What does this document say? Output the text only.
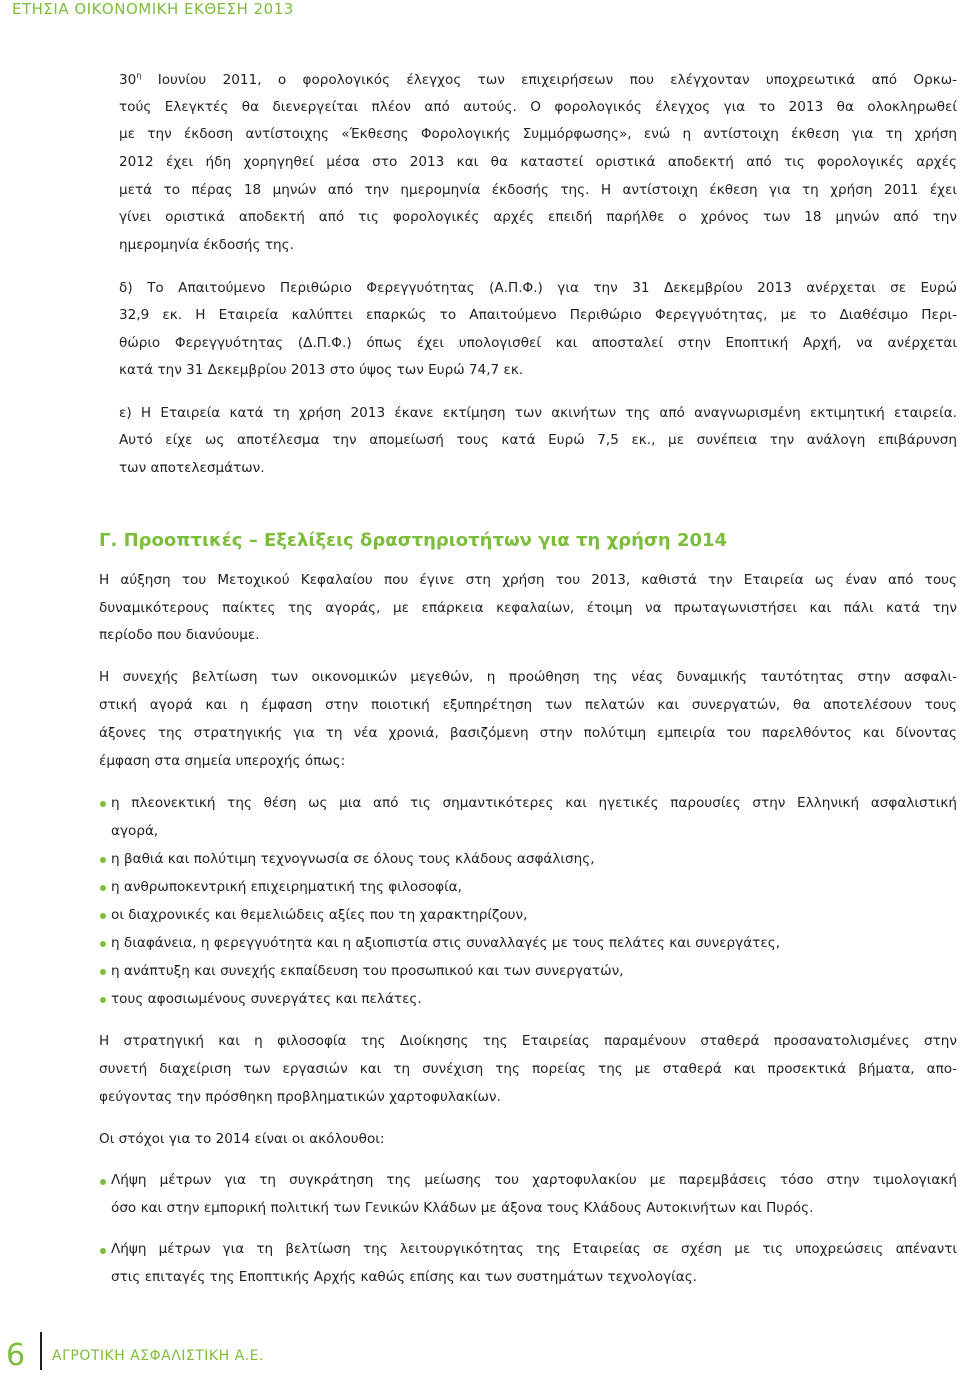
ΕΤΗΣΙΑ ΟΙΚΟΝΟΜΙΚΗ ΕΚΘΕΣΗ 2013
$30^\eta$ Ιουνίου 2011, ο φορολογικός έλεγχος των επιχειρήσεων που ελέγχονταν υποχρεωτικά από Ορκω-
τούς Ελεγκτές θα διενεργείται πλέον από αυτούς. Ο φορολογικός έλεγχος για το 2013 θα ολοκληρωθεί
με την έκδοση αντίστοιχης «Έκθεσης Φορολογικής Συμμόρφωσης», ενώ η αντίστοιχη έκθεση για τη χρήση
2012 έχει ήδη χορηγηθεί μέσα στο 2013 και θα καταστεί οριστικά αποδεκτή από τις φορολογικές αρχές
μετά το πέρας 18 μηνών από την ημερομηνία έκδοσής της. Η αντίστοιχη έκθεση για τη χρήση 2011 έχει
γίνει οριστικά αποδεκτή από τις φορολογικές αρχές επειδή παρήλθε ο χρόνος των 18 μηνών από την
ημερομηνία έκδοσής της.
δ) Το Απαιτούμενο Περιθώριο Φερεγγυότητας (Α.Π.Φ.) για την 31 Δεκεμβρίου 2013 ανέρχεται σε Ευρώ
32,9 εκ. Η Εταιρεία καλύπτει επαρκώς το Απαιτούμενο Περιθώριο Φερεγγυότητας, με το Διαθέσιμο Περι-
θώριο Φερεγγυότητας (Δ.Π.Φ.) όπως έχει υπολογισθεί και αποσταλεί στην Εποπτική Αρχή, να ανέρχεται
κατά την 31 Δεκεμβρίου 2013 στο ύψος των Ευρώ 74,7 εκ.
ε) Η Εταιρεία κατά τη χρήση 2013 έκανε εκτίμηση των ακινήτων της από αναγνωρισμένη εκτιμητική εταιρεία.
Αυτό είχε ως αποτέλεσμα την απομείωσή τους κατά Ευρώ 7,5 εκ., με συνέπεια την ανάλογη επιβάρυνση
των αποτελεσμάτων.
Γ. Προοπτικές – Εξελίξεις δραστηριοτήτων για τη χρήση 2014
Η αύξηση του Μετοχικού Κεφαλαίου που έγινε στη χρήση του 2013, καθιστά την Εταιρεία ως έναν από τους
δυναμικότερους παίκτες της αγοράς, με επάρκεια κεφαλαίων, έτοιμη να πρωταγωνιστήσει και πάλι κατά την
περίοδο που διανύουμε.
Η συνεχής βελτίωση των οικονομικών μεγεθών, η προώθηση της νέας δυναμικής ταυτότητας στην ασφαλι-
στική αγορά και η έμφαση στην ποιοτική εξυπηρέτηση των πελατών και συνεργατών, θα αποτελέσουν τους
άξονες της στρατηγικής για τη νέα χρονιά, βασιζόμενη στην πολύτιμη εμπειρία του παρελθόντος και δίνοντας
έμφαση στα σημεία υπεροχής όπως:
η πλεονεκτική της θέση ως μια από τις σημαντικότερες και ηγετικές παρουσίες στην Ελληνική ασφαλιστική
αγορά,
η βαθιά και πολύτιμη τεχνογνωσία σε όλους τους κλάδους ασφάλισης,
η ανθρωποκεντρική επιχειρηματική της φιλοσοφία,
οι διαχρονικές και θεμελιώδεις αξίες που τη χαρακτηρίζουν,
η διαφάνεια, η φερεγγυότητα και η αξιοπιστία στις συναλλαγές με τους πελάτες και συνεργάτες,
η ανάπτυξη και συνεχής εκπαίδευση του προσωπικού και των συνεργατών,
τους αφοσιωμένους συνεργάτες και πελάτες.
Η στρατηγική και η φιλοσοφία της Διοίκησης της Εταιρείας παραμένουν σταθερά προσανατολισμένες στην
συνετή διαχείριση των εργασιών και τη συνέχιση της πορείας της με σταθερά και προσεκτικά βήματα, απο-
φεύγοντας την πρόσθηκη προβληματικών χαρτοφυλακίων.
Οι στόχοι για το 2014 είναι οι ακόλουθοι:
Λήψη μέτρων για τη συγκράτηση της μείωσης του χαρτοφυλακίου με παρεμβάσεις τόσο στην τιμολογιακή
όσο και στην εμπορική πολιτική των Γενικών Κλάδων με άξονα τους Κλάδους Αυτοκινήτων και Πυρός.
Λήψη μέτρων για τη βελτίωση της λειτουργικότητας της Εταιρείας σε σχέση με τις υποχρεώσεις απέναντι
στις επιταγές της Εποπτικής Αρχής καθώς επίσης και των συστημάτων τεχνολογίας.
6 ΑΓΡΟΤΙΚΗ ΑΣΦΑΛΙΣΤΙΚΗ Α.Ε.
